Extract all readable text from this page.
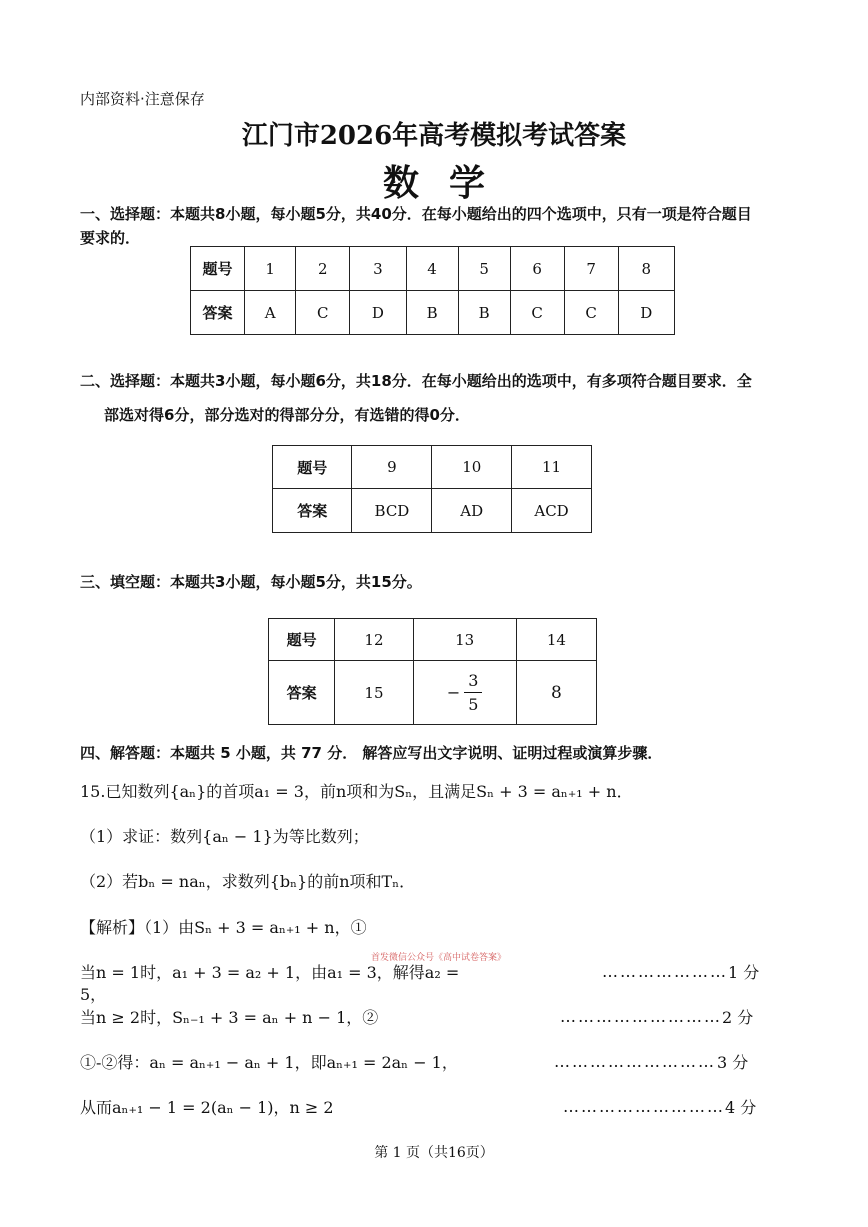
内部资料·注意保存
江门市2026年高考模拟考试答案
数学
一、选择题：本题共8小题，每小题5分，共40分．在每小题给出的四个选项中，只有一项是符合题目
要求的．
题号	1	2	3	4	5	6	7	8
答案	A	C	D	B	B	C	C	D
二、选择题：本题共3小题，每小题6分，共18分．在每小题给出的选项中，有多项符合题目要求．全
部选对得6分，部分选对的得部分分，有选错的得0分．
题号	9	10	11
答案	BCD	AD	ACD
三、填空题：本题共3小题，每小题5分，共15分。
题号	12	13	14
答案	15	− $\frac{3}{5}$	8
四、解答题：本题共 5 小题，共 77 分． 解答应写出文字说明、证明过程或演算步骤．
15.已知数列{aₙ}的首项a₁ = 3，前n项和为Sₙ，且满足Sₙ + 3 = aₙ₊₁ + n．
（1）求证：数列{aₙ − 1}为等比数列；
（2）若bₙ = naₙ，求数列{bₙ}的前n项和Tₙ．
【解析】（1）由Sₙ + 3 = aₙ₊₁ + n，①
首发微信公众号《高中试卷答案》
当n = 1时，a₁ + 3 = a₂ + 1，由a₁ = 3，解得a₂ = 5，
………………… 1 分
当n ≥ 2时，Sₙ₋₁ + 3 = aₙ + n − 1，②	……………………… 2 分
①-②得：aₙ = aₙ₊₁ − aₙ + 1，即aₙ₊₁ = 2aₙ − 1，	……………………… 3 分
从而aₙ₊₁ − 1 = 2(aₙ − 1)，n ≥ 2	……………………… 4 分
第 1 页（共16页）
